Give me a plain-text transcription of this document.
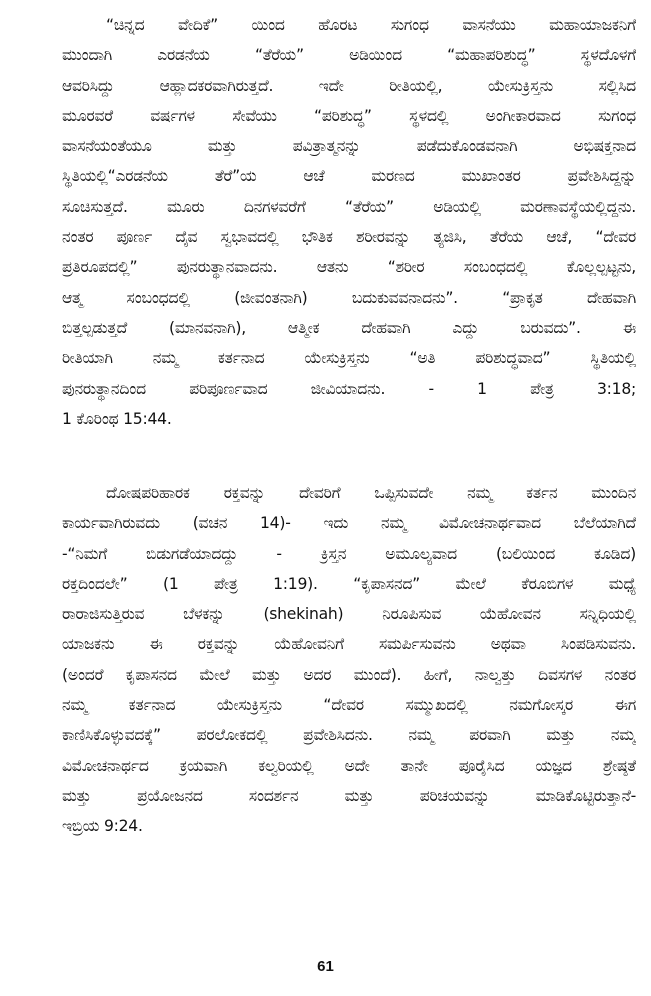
“ಚಿನ್ನದ ವೇದಿಕೆ” ಯಿಂದ ಹೊರಟ ಸುಗಂಧ ವಾಸನೆಯು ಮಹಾಯಾಜಕನಿಗೆ
ಮುಂದಾಗಿ ಎರಡನೆಯ “ತೆರೆಯ” ಅಡಿಯಿಂದ “ಮಹಾಪರಿಶುದ್ಧ” ಸ್ಥಳದೊಳಗೆ
ಆವರಿಸಿದ್ದು ಆಹ್ಲಾದಕರವಾಗಿರುತ್ತದೆ. ಇದೇ ರೀತಿಯಲ್ಲಿ, ಯೇಸುಕ್ರಿಸ್ತನು ಸಲ್ಲಿಸಿದ
ಮೂರವರೆ ವರ್ಷಗಳ ಸೇವೆಯು “ಪರಿಶುದ್ಧ” ಸ್ಥಳದಲ್ಲಿ ಅಂಗೀಕಾರವಾದ ಸುಗಂಧ
ವಾಸನೆಯಂತೆಯೂ ಮತ್ತು ಪವಿತ್ರಾತ್ಮನನ್ನು ಪಡೆದುಕೊಂಡವನಾಗಿ ಅಭಿಷಕ್ತನಾದ
ಸ್ಥಿತಿಯಲ್ಲಿ“ಎರಡನೆಯ ತೆರೆ”ಯ ಆಚೆ ಮರಣದ ಮುಖಾಂತರ ಪ್ರವೇಶಿಸಿದ್ದನ್ನು
ಸೂಚಿಸುತ್ತದೆ. ಮೂರು ದಿನಗಳವರೆಗೆ “ತೆರೆಯ” ಅಡಿಯಲ್ಲಿ ಮರಣಾವಸ್ಥೆಯಲ್ಲಿದ್ದನು.
ನಂತರ ಪೂರ್ಣ ದೈವ ಸ್ವಭಾವದಲ್ಲಿ ಭೌತಿಕ ಶರೀರವನ್ನು ತ್ಯಜಿಸಿ, ತೆರೆಯ ಆಚೆ, “ದೇವರ
ಪ್ರತಿರೂಪದಲ್ಲಿ” ಪುನರುತ್ಥಾನವಾದನು. ಆತನು “ಶರೀರ ಸಂಬಂಧದಲ್ಲಿ ಕೊಲ್ಲಲ್ಪಟ್ಟನು,
ಆತ್ಮ ಸಂಬಂಧದಲ್ಲಿ (ಜೀವಂತನಾಗಿ) ಬದುಕುವವನಾದನು”. “ಪ್ರಾಕೃತ ದೇಹವಾಗಿ
ಬಿತ್ತಲ್ಪಡುತ್ತದೆ (ಮಾನವನಾಗಿ), ಆತ್ಮೀಕ ದೇಹವಾಗಿ ಎದ್ದು ಬರುವದು”. ಈ
ರೀತಿಯಾಗಿ ನಮ್ಮ ಕರ್ತನಾದ ಯೇಸುಕ್ರಿಸ್ತನು “ಅತಿ ಪರಿಶುದ್ಧವಾದ” ಸ್ಥಿತಿಯಲ್ಲಿ
ಪುನರುತ್ಥಾನದಿಂದ ಪರಿಪೂರ್ಣವಾದ ಜೀವಿಯಾದನು. - 1 ಪೇತ್ರ 3:18;
1 ಕೊರಿಂಥ 15:44.
ದೋಷಪರಿಹಾರಕ ರಕ್ತವನ್ನು ದೇವರಿಗೆ ಒಪ್ಪಿಸುವದೇ ನಮ್ಮ ಕರ್ತನ ಮುಂದಿನ
ಕಾರ್ಯವಾಗಿರುವದು (ವಚನ 14)- ಇದು ನಮ್ಮ ವಿಮೋಚನಾರ್ಥವಾದ ಬೆಲೆಯಾಗಿದೆ
-“ನಿಮಗೆ ಬಿಡುಗಡೆಯಾದದ್ದು - ಕ್ರಿಸ್ತನ ಅಮೂಲ್ಯವಾದ (ಬಲಿಯಿಂದ ಕೂಡಿದ)
ರಕ್ತದಿಂದಲೇ” (1 ಪೇತ್ರ 1:19). “ಕೃಪಾಸನದ” ಮೇಲೆ ಕೆರೂಬಿಗಳ ಮಧ್ಯೆ
ರಾರಾಜಿಸುತ್ತಿರುವ ಬೆಳಕನ್ನು (shekinah) ನಿರೂಪಿಸುವ ಯೆಹೋವನ ಸನ್ನಿಧಿಯಲ್ಲಿ
ಯಾಜಕನು ಈ ರಕ್ತವನ್ನು ಯೆಹೋವನಿಗೆ ಸಮರ್ಪಿಸುವನು ಅಥವಾ ಸಿಂಪಡಿಸುವನು.
(ಅಂದರೆ ಕೃಪಾಸನದ ಮೇಲೆ ಮತ್ತು ಅದರ ಮುಂದೆ). ಹೀಗೆ, ನಾಲ್ವತ್ತು ದಿವಸಗಳ ನಂತರ
ನಮ್ಮ ಕರ್ತನಾದ ಯೇಸುಕ್ರಿಸ್ತನು “ದೇವರ ಸಮ್ಮುಖದಲ್ಲಿ ನಮಗೋಸ್ಕರ ಈಗ
ಕಾಣಿಸಿಕೊಳ್ಳುವದಕ್ಕೆ” ಪರಲೋಕದಲ್ಲಿ ಪ್ರವೇಶಿಸಿದನು. ನಮ್ಮ ಪರವಾಗಿ ಮತ್ತು ನಮ್ಮ
ವಿಮೋಚನಾರ್ಥದ ಕ್ರಯವಾಗಿ ಕಲ್ವರಿಯಲ್ಲಿ ಅದೇ ತಾನೇ ಪೂರೈಸಿದ ಯಜ್ಞದ ಶ್ರೇಷ್ಠತೆ
ಮತ್ತು ಪ್ರಯೋಜನದ ಸಂದರ್ಶನ ಮತ್ತು ಪರಿಚಯವನ್ನು ಮಾಡಿಕೊಟ್ಟಿರುತ್ತಾನೆ-
ಇಬ್ರಿಯ 9:24.
61
